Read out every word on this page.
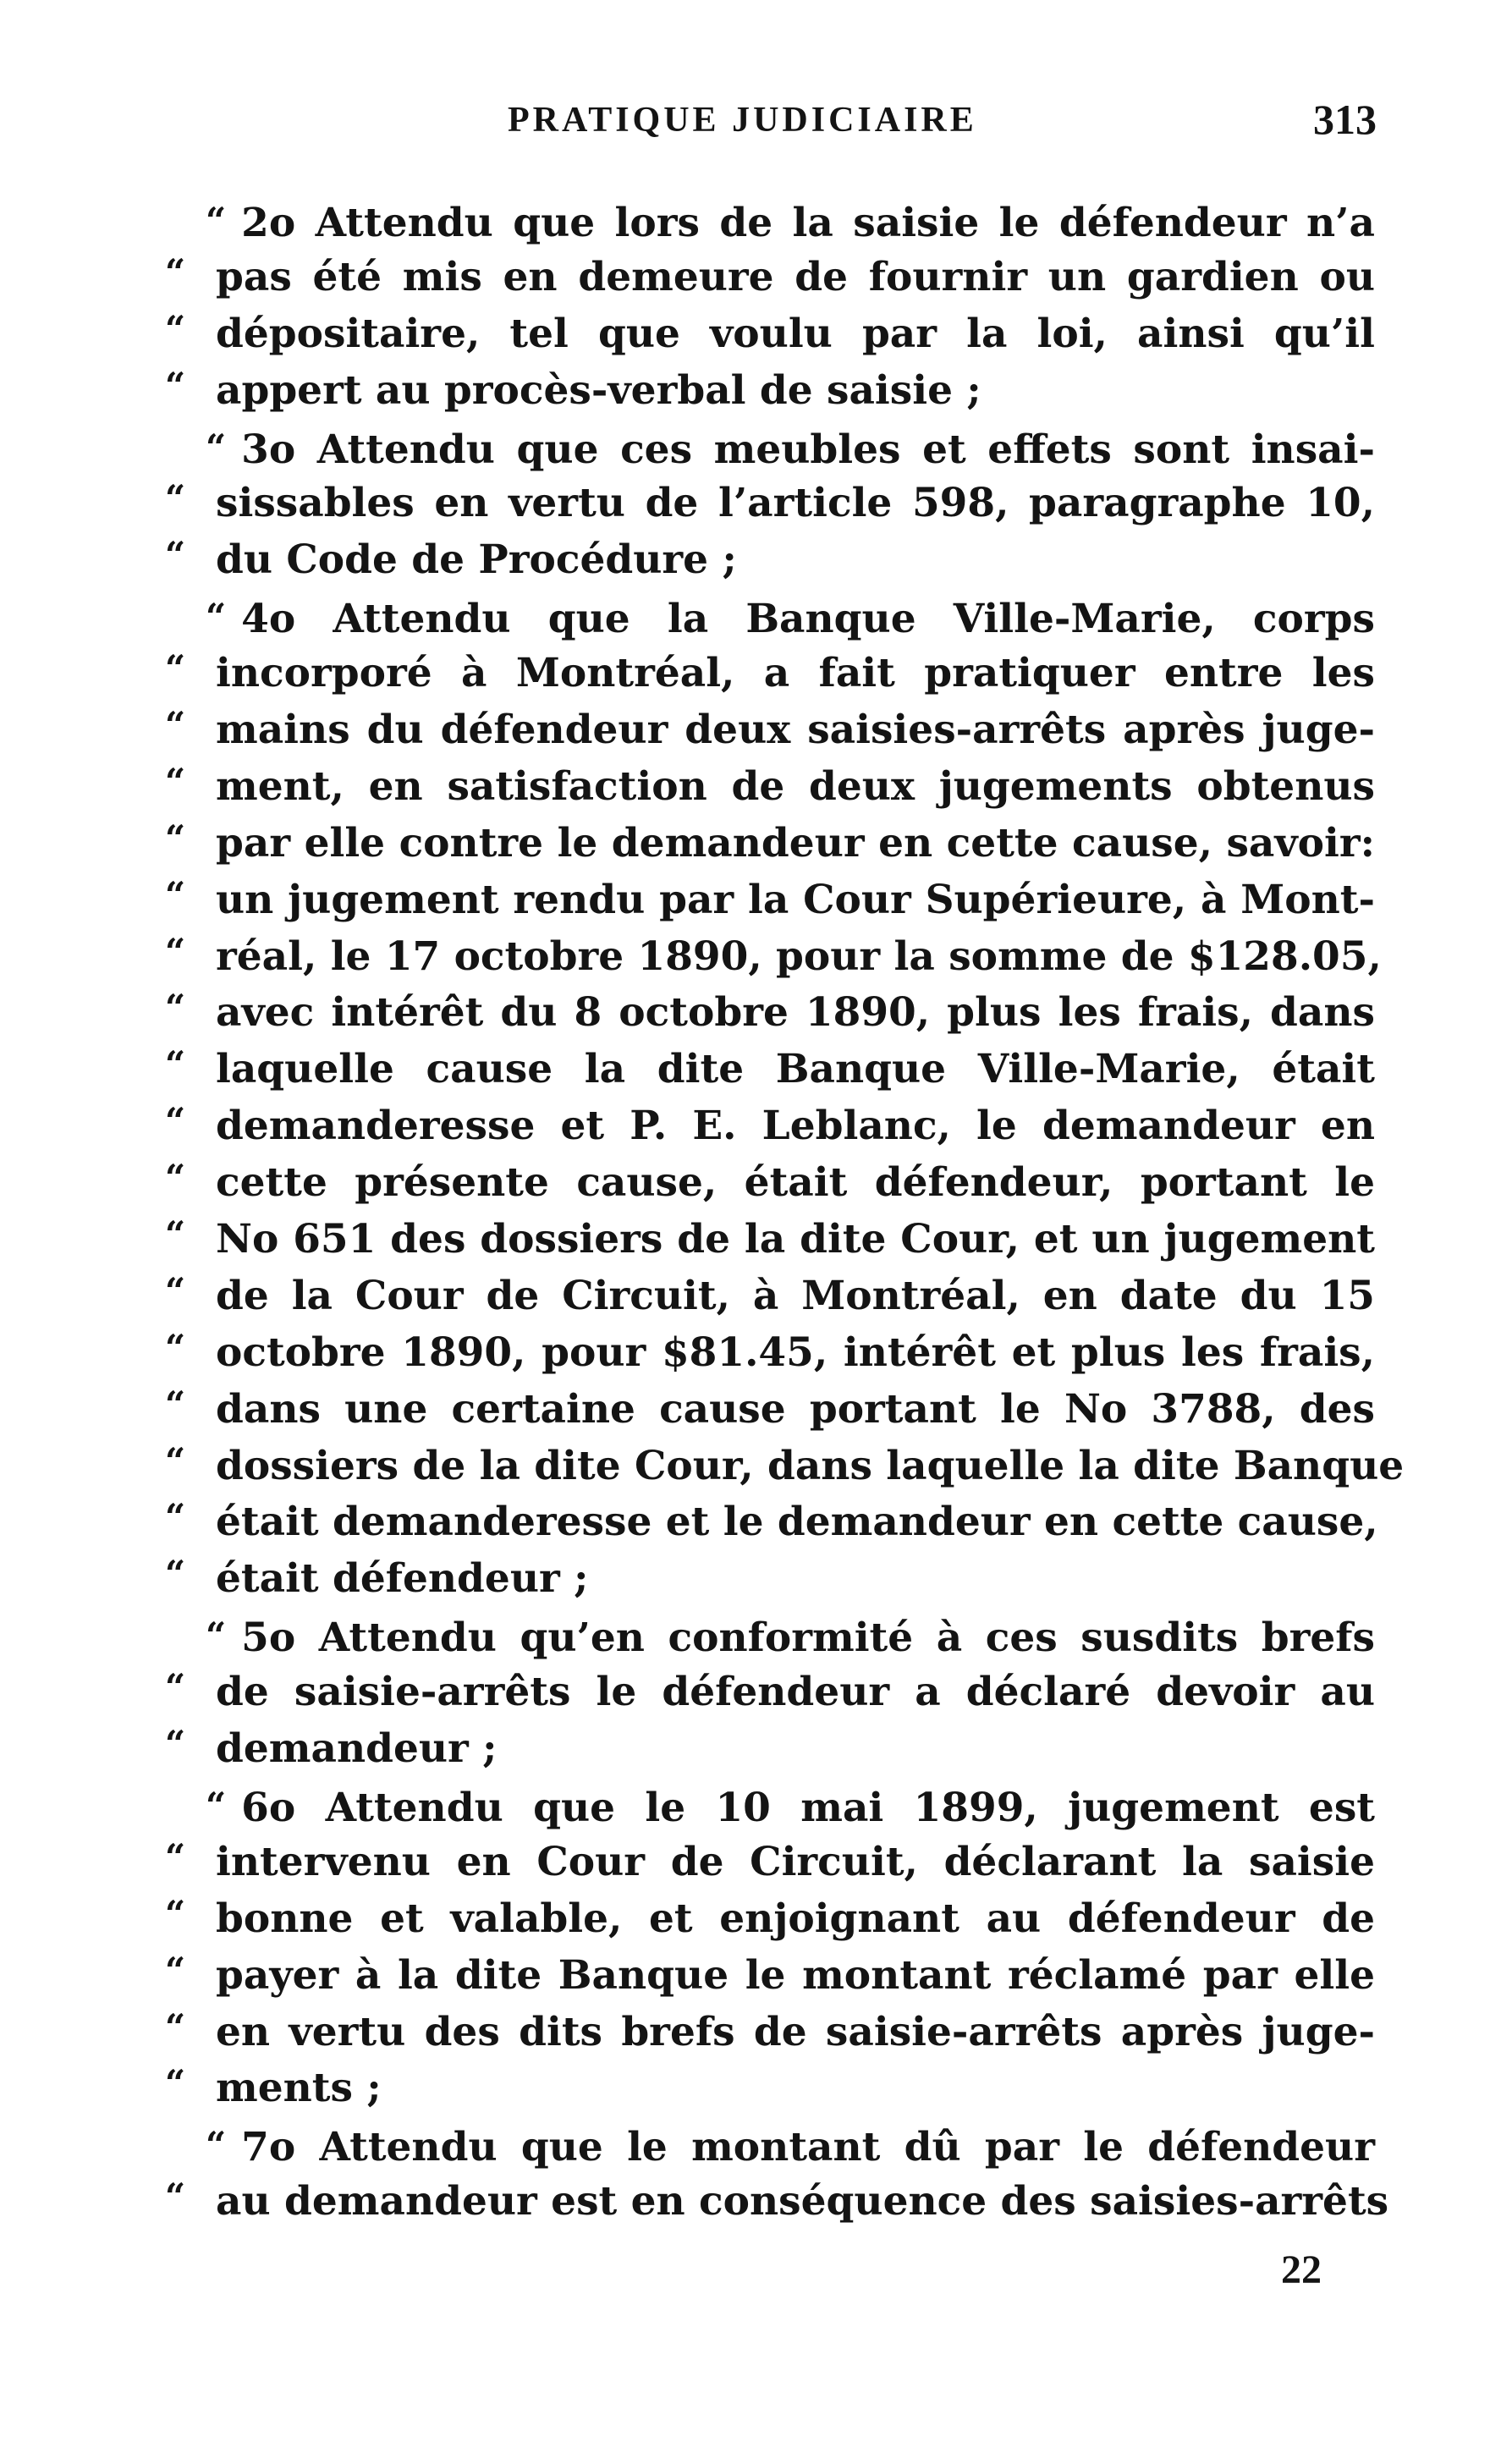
PRATIQUE JUDICIAIRE	313
“ 2o Attendu que lors de la saisie le défendeur n’a
“ pas été mis en demeure de fournir un gardien ou
“ dépositaire, tel que voulu par la loi, ainsi qu’il
“ appert au procès-verbal de saisie ;
“ 3o Attendu que ces meubles et effets sont insai-
“ sissables en vertu de l’article 598, paragraphe 10,
“ du Code de Procédure ;
“ 4o Attendu que la Banque Ville-Marie, corps
“ incorporé à Montréal, a fait pratiquer entre les
“ mains du défendeur deux saisies-arrêts après juge-
“ ment, en satisfaction de deux jugements obtenus
“ par elle contre le demandeur en cette cause, savoir:
“ un jugement rendu par la Cour Supérieure, à Mont-
“ réal, le 17 octobre 1890, pour la somme de $128.05,
“ avec intérêt du 8 octobre 1890, plus les frais, dans
“ laquelle cause la dite Banque Ville-Marie, était
“ demanderesse et P. E. Leblanc, le demandeur en
“ cette présente cause, était défendeur, portant le
“ No 651 des dossiers de la dite Cour, et un jugement
“ de la Cour de Circuit, à Montréal, en date du 15
“ octobre 1890, pour $81.45, intérêt et plus les frais,
“ dans une certaine cause portant le No 3788, des
“ dossiers de la dite Cour, dans laquelle la dite Banque
“ était demanderesse et le demandeur en cette cause,
“ était défendeur ;
“ 5o Attendu qu’en conformité à ces susdits brefs
“ de saisie-arrêts le défendeur a déclaré devoir au
“ demandeur ;
“ 6o Attendu que le 10 mai 1899, jugement est
“ intervenu en Cour de Circuit, déclarant la saisie
“ bonne et valable, et enjoignant au défendeur de
“ payer à la dite Banque le montant réclamé par elle
“ en vertu des dits brefs de saisie-arrêts après juge-
“ ments ;
“ 7o Attendu que le montant dû par le défendeur
“ au demandeur est en conséquence des saisies-arrêts
22
